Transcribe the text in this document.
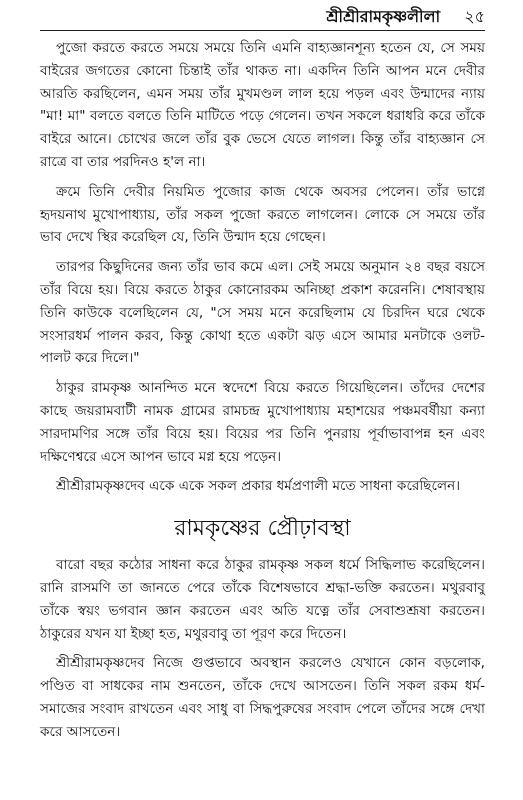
শ্রীশ্রীরামকৃষ্ণলীলা ২৫

পুজো করতে করতে সময়ে সময়ে তিনি এমনি বাহ্যজ্ঞানশূন্য হতেন যে, সে সময় বাইরের জগতের কোনো চিন্তাই তাঁর থাকত না। একদিন তিনি আপন মনে দেবীর আরতি করছিলেন, এমন সময় তাঁর মুখমণ্ডল লাল হয়ে পড়ল এবং উন্মাদের ন্যায় "মা! মা" বলতে বলতে তিনি মাটিতে পড়ে গেলেন। তখন সকলে ধরাধরি করে তাঁকে বাইরে আনে। চোখের জলে তাঁর বুক ভেসে যেতে লাগল। কিন্তু তাঁর বাহ্যজ্ঞান সে রাত্রে বা তার পরদিনও হ'ল না।

ক্রমে তিনি দেবীর নিয়মিত পুজোর কাজ থেকে অবসর পেলেন। তাঁর ভাগ্নে হৃদয়নাথ মুখোপাধ্যায়, তাঁর সকল পুজো করতে লাগলেন। লোকে সে সময়ে তাঁর ভাব দেখে স্থির করেছিল যে, তিনি উন্মাদ হয়ে গেছেন।

তারপর কিছুদিনের জন্য তাঁর ভাব কমে এল। সেই সময়ে অনুমান ২৪ বছর বয়সে তাঁর বিয়ে হয়। বিয়ে করতে ঠাকুর কোনোরকম অনিচ্ছা প্রকাশ করেননি। শেষাবস্থায় তিনি কাউকে বলেছিলেন যে, "সে সময় মনে করেছিলাম যে চিরদিন ঘরে থেকে সংসারধর্ম পালন করব, কিন্তু কোথা হতে একটা ঝড় এসে আমার মনটাকে ওলট-পালট করে দিলে।"

ঠাকুর রামকৃষ্ণ আনন্দিত মনে স্বদেশে বিয়ে করতে গিয়েছিলেন। তাঁদের দেশের কাছে জয়রামবাটী নামক গ্রামের রামচন্দ্র মুখোপাধ্যায় মহাশয়ের পঞ্চমবর্ষীয়া কন্যা সারদামণির সঙ্গে তাঁর বিয়ে হয়। বিয়ের পর তিনি পুনরায় পূর্বাভাবাপন্ন হন এবং দক্ষিণেশ্বরে এসে আপন ভাবে মগ্ন হয়ে পড়েন।

শ্রীশ্রীরামকৃষ্ণদেব একে একে সকল প্রকার ধর্মপ্রণালী মতে সাধনা করেছিলেন।

রামকৃষ্ণের প্রৌঢ়াবস্থা

বারো বছর কঠোর সাধনা করে ঠাকুর রামকৃষ্ণ সকল ধর্মে সিদ্ধিলাভ করেছিলেন। রানি রাসমণি তা জানতে পেরে তাঁকে বিশেষভাবে শ্রদ্ধা-ভক্তি করতেন। মথুরবাবু তাঁকে স্বয়ং ভগবান জ্ঞান করতেন এবং অতি যত্নে তাঁর সেবাশুশ্রূষা করতেন। ঠাকুরের যখন যা ইচ্ছা হত, মথুরবাবু তা পূরণ করে দিতেন।

শ্রীশ্রীরামকৃষ্ণদেব নিজে গুপ্তভাবে অবস্থান করলেও যেখানে কোন বড়লোক, পণ্ডিত বা সাধকের নাম শুনতেন, তাঁকে দেখে আসতেন। তিনি সকল রকম ধর্ম-সমাজের সংবাদ রাখতেন এবং সাধু বা সিদ্ধপুরুষের সংবাদ পেলে তাঁদের সঙ্গে দেখা করে আসতেন।
